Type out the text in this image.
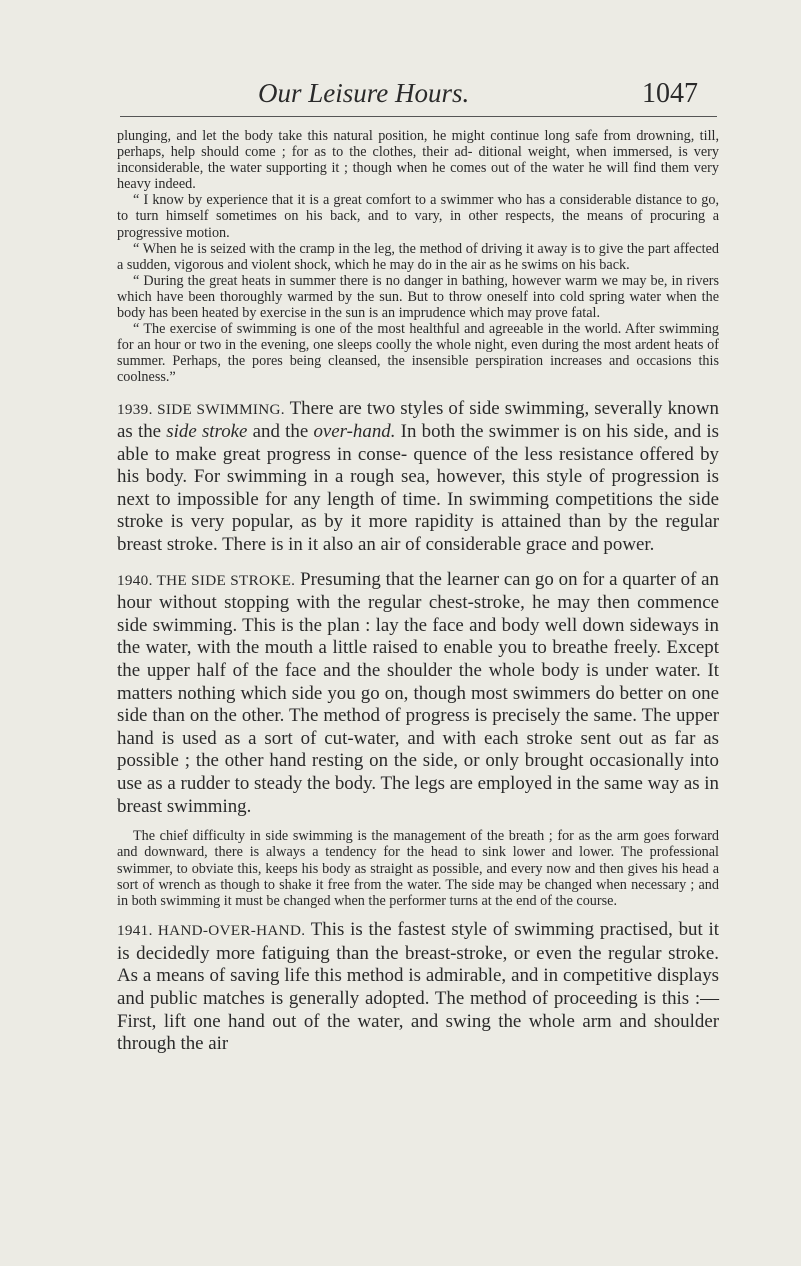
Our Leisure Hours.	1047

plunging, and let the body take this natural position, he might continue long safe from drowning, till, perhaps, help should come ; for as to the clothes, their ad- ditional weight, when immersed, is very inconsiderable, the water supporting it ; though when he comes out of the water he will find them very heavy indeed.

“ I know by experience that it is a great comfort to a swimmer who has a considerable distance to go, to turn himself sometimes on his back, and to vary, in other respects, the means of procuring a progressive motion.

“ When he is seized with the cramp in the leg, the method of driving it away is to give the part affected a sudden, vigorous and violent shock, which he may do in the air as he swims on his back.

“ During the great heats in summer there is no danger in bathing, however warm we may be, in rivers which have been thoroughly warmed by the sun. But to throw oneself into cold spring water when the body has been heated by exercise in the sun is an imprudence which may prove fatal.

“ The exercise of swimming is one of the most healthful and agreeable in the world. After swimming for an hour or two in the evening, one sleeps coolly the whole night, even during the most ardent heats of summer. Perhaps, the pores being cleansed, the insensible perspiration increases and occasions this coolness.”

1939. SIDE SWIMMING. There are two styles of side swimming, severally known as the side stroke and the over-hand. In both the swimmer is on his side, and is able to make great progress in conse- quence of the less resistance offered by his body. For swimming in a rough sea, however, this style of progression is next to impossible for any length of time. In swimming competitions the side stroke is very popular, as by it more rapidity is attained than by the regular breast stroke. There is in it also an air of considerable grace and power.

1940. THE SIDE STROKE. Presuming that the learner can go on for a quarter of an hour without stopping with the regular chest-stroke, he may then commence side swimming. This is the plan : lay the face and body well down sideways in the water, with the mouth a little raised to enable you to breathe freely. Except the upper half of the face and the shoulder the whole body is under water. It matters nothing which side you go on, though most swimmers do better on one side than on the other. The method of progress is precisely the same. The upper hand is used as a sort of cut-water, and with each stroke sent out as far as possible ; the other hand resting on the side, or only brought occasionally into use as a rudder to steady the body. The legs are employed in the same way as in breast swimming.

The chief difficulty in side swimming is the management of the breath ; for as the arm goes forward and downward, there is always a tendency for the head to sink lower and lower. The professional swimmer, to obviate this, keeps his body as straight as possible, and every now and then gives his head a sort of wrench as though to shake it free from the water. The side may be changed when necessary ; and in both swimming it must be changed when the performer turns at the end of the course.

1941. HAND-OVER-HAND. This is the fastest style of swimming practised, but it is decidedly more fatiguing than the breast-stroke, or even the regular stroke. As a means of saving life this method is admirable, and in competitive displays and public matches is generally adopted. The method of proceeding is this :—First, lift one hand out of the water, and swing the whole arm and shoulder through the air
